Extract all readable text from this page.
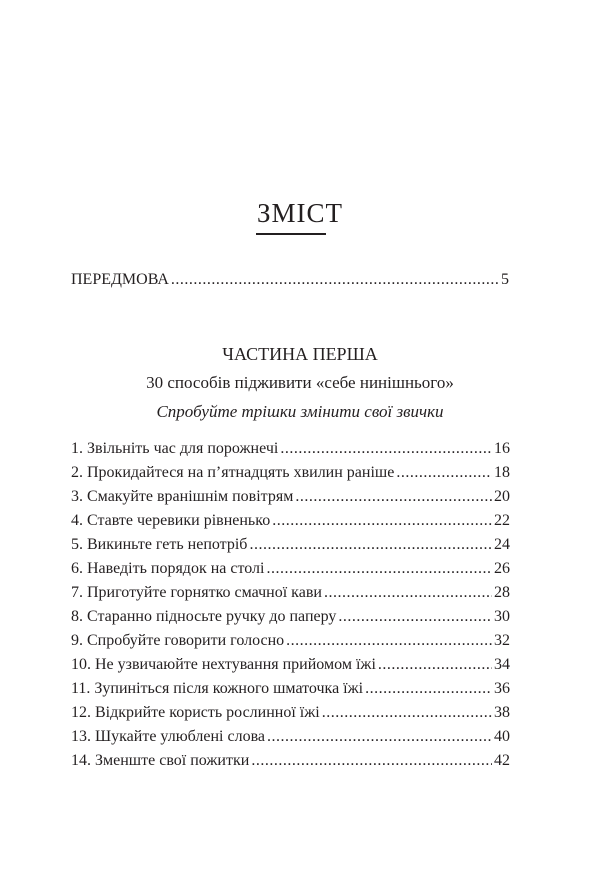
ЗМІСТ
ПЕРЕДМОВА .....	5
ЧАСТИНА ПЕРША
30 способів підживити «себе нинішнього»
Спробуйте трішки змінити свої звички
1. Звільніть час для порожнечі .....	16
2. Прокидайтеся на п’ятнадцять хвилин раніше .....	18
3. Смакуйте вранішнім повітрям .....	20
4. Ставте черевики рівненько .....	22
5. Викиньте геть непотріб .....	24
6. Наведіть порядок на столі .....	26
7. Приготуйте горнятко смачної кави .....	28
8. Старанно підносьте ручку до паперу .....	30
9. Спробуйте говорити голосно .....	32
10. Не узвичаюйте нехтування прийомом їжі .....	34
11. Зупиніться після кожного шматочка їжі .....	36
12. Відкрийте користь рослинної їжі .....	38
13. Шукайте улюблені слова .....	40
14. Зменште свої пожитки .....	42
